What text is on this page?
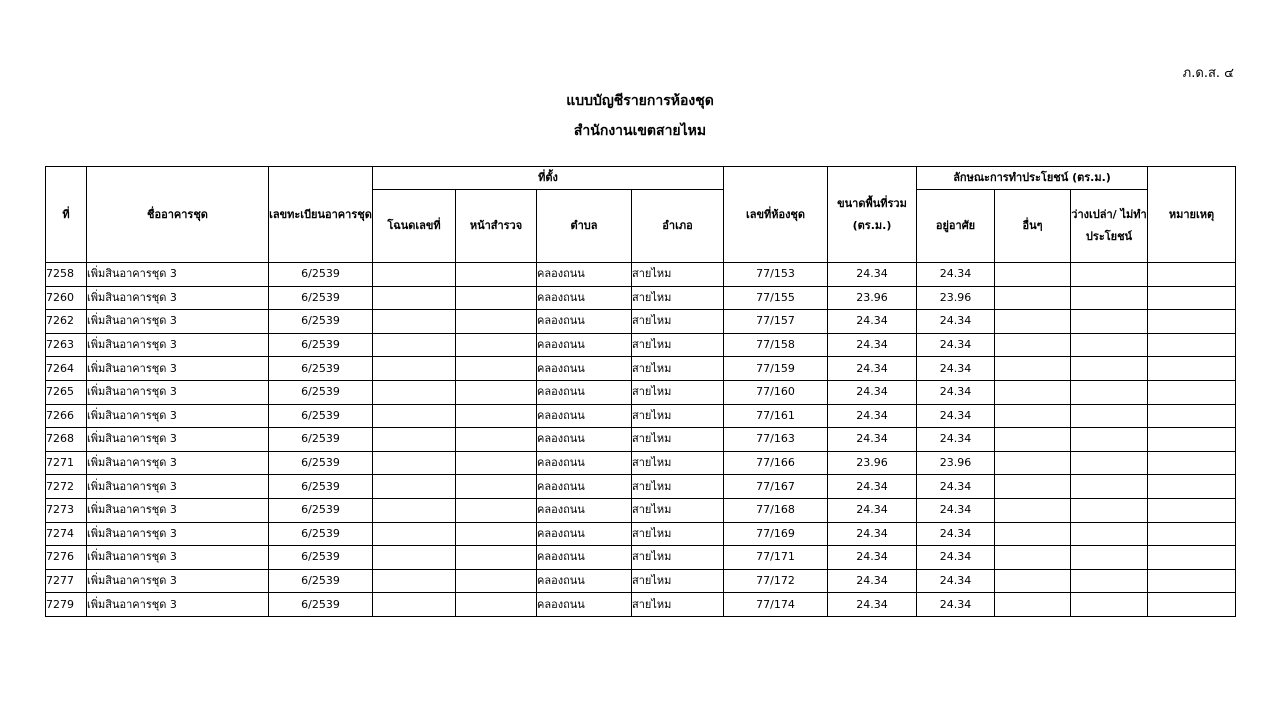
ภ.ด.ส. ๔
แบบบัญชีรายการห้องชุด
สำนักงานเขตสายไหม
ที่	ชื่ออาคารชุด	เลขทะเบียนอาคารชุด	ที่ตั้ง				เลขที่ห้องชุด	ขนาดพื้นที่รวม (ตร.ม.)	ลักษณะการทำประโยชน์ (ตร.ม.)			หมายเหตุ
			โฉนดเลขที่	หน้าสำรวจ	ตำบล	อำเภอ			อยู่อาศัย	อื่นๆ	ว่างเปล่า/ ไม่ทำ ประโยชน์	
7258	เพิ่มสินอาคารชุด 3	6/2539			คลองถนน	สายไหม	77/153	24.34	24.34			
7260	เพิ่มสินอาคารชุด 3	6/2539			คลองถนน	สายไหม	77/155	23.96	23.96			
7262	เพิ่มสินอาคารชุด 3	6/2539			คลองถนน	สายไหม	77/157	24.34	24.34			
7263	เพิ่มสินอาคารชุด 3	6/2539			คลองถนน	สายไหม	77/158	24.34	24.34			
7264	เพิ่มสินอาคารชุด 3	6/2539			คลองถนน	สายไหม	77/159	24.34	24.34			
7265	เพิ่มสินอาคารชุด 3	6/2539			คลองถนน	สายไหม	77/160	24.34	24.34			
7266	เพิ่มสินอาคารชุด 3	6/2539			คลองถนน	สายไหม	77/161	24.34	24.34			
7268	เพิ่มสินอาคารชุด 3	6/2539			คลองถนน	สายไหม	77/163	24.34	24.34			
7271	เพิ่มสินอาคารชุด 3	6/2539			คลองถนน	สายไหม	77/166	23.96	23.96			
7272	เพิ่มสินอาคารชุด 3	6/2539			คลองถนน	สายไหม	77/167	24.34	24.34			
7273	เพิ่มสินอาคารชุด 3	6/2539			คลองถนน	สายไหม	77/168	24.34	24.34			
7274	เพิ่มสินอาคารชุด 3	6/2539			คลองถนน	สายไหม	77/169	24.34	24.34			
7276	เพิ่มสินอาคารชุด 3	6/2539			คลองถนน	สายไหม	77/171	24.34	24.34			
7277	เพิ่มสินอาคารชุด 3	6/2539			คลองถนน	สายไหม	77/172	24.34	24.34			
7279	เพิ่มสินอาคารชุด 3	6/2539			คลองถนน	สายไหม	77/174	24.34	24.34			
